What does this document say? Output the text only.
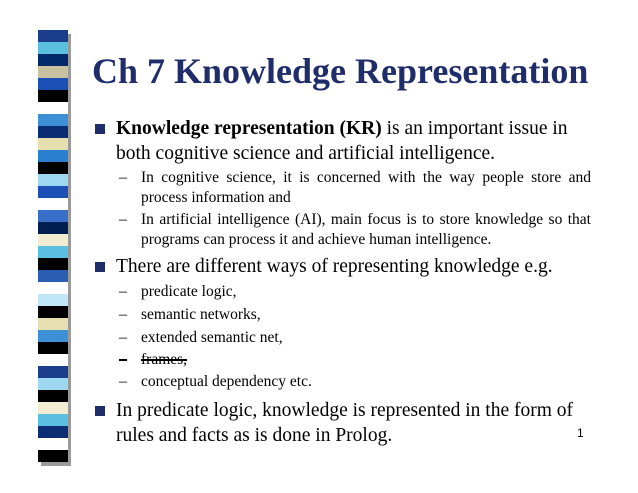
Ch 7 Knowledge Representation
Knowledge representation (KR) is an important issue in
both cognitive science and artificial intelligence.
– In cognitive science, it is concerned with the way people store and
process information and
– In artificial intelligence (AI), main focus is to store knowledge so that
programs can process it and achieve human intelligence.
There are different ways of representing knowledge e.g.
– predicate logic,
– semantic networks,
– extended semantic net,
– frames,
– conceptual dependency etc.
In predicate logic, knowledge is represented in the form of
rules and facts as is done in Prolog.	1
